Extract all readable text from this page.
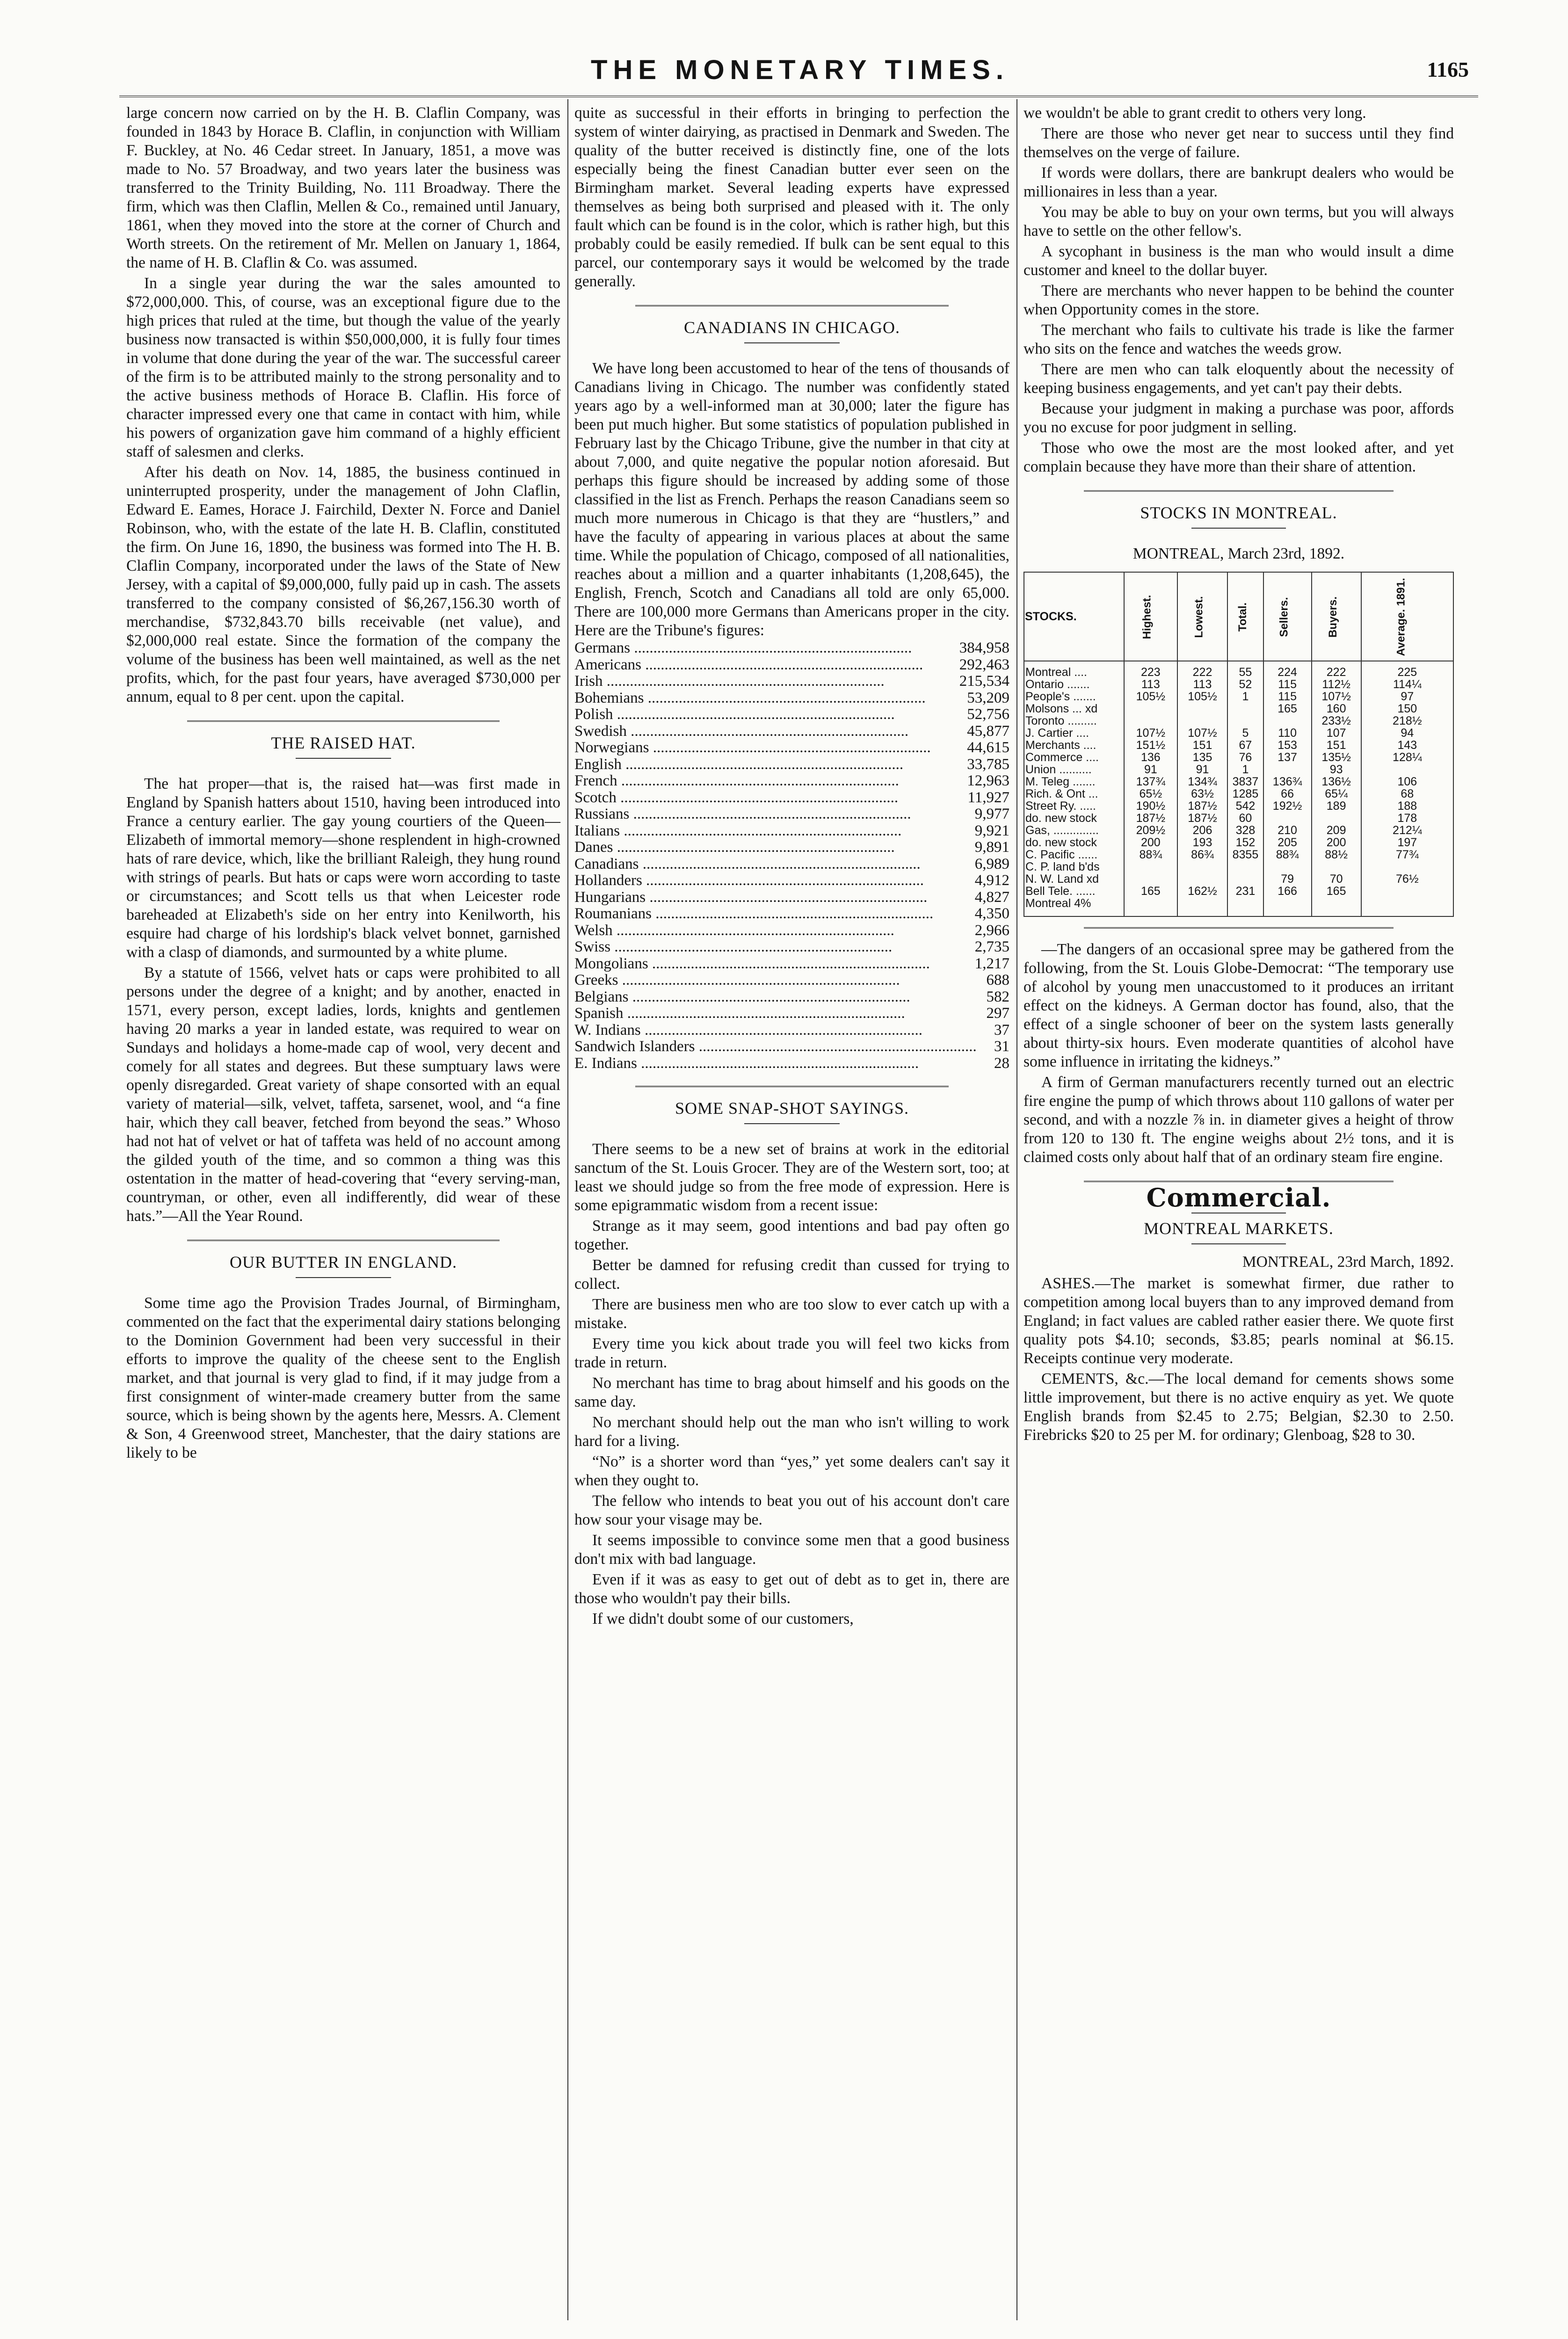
THE MONETARY TIMES.	1165

large concern now carried on by the H. B. Claflin Company, was founded in 1843 by Horace B. Claflin, in conjunction with William F. Buckley, at No. 46 Cedar street. In January, 1851, a move was made to No. 57 Broadway, and two years later the business was transferred to the Trinity Building, No. 111 Broadway. There the firm, which was then Claflin, Mellen & Co., remained until January, 1861, when they moved into the store at the corner of Church and Worth streets. On the retirement of Mr. Mellen on January 1, 1864, the name of H. B. Claflin & Co. was assumed.

In a single year during the war the sales amounted to $72,000,000. This, of course, was an exceptional figure due to the high prices that ruled at the time, but though the value of the yearly business now transacted is within $50,000,000, it is fully four times in volume that done during the year of the war. The successful career of the firm is to be attributed mainly to the strong personality and to the active business methods of Horace B. Claflin. His force of character impressed every one that came in contact with him, while his powers of organization gave him command of a highly efficient staff of salesmen and clerks.

After his death on Nov. 14, 1885, the business continued in uninterrupted prosperity, under the management of John Claflin, Edward E. Eames, Horace J. Fairchild, Dexter N. Force and Daniel Robinson, who, with the estate of the late H. B. Claflin, constituted the firm. On June 16, 1890, the business was formed into The H. B. Claflin Company, incorporated under the laws of the State of New Jersey, with a capital of $9,000,000, fully paid up in cash. The assets transferred to the company consisted of $6,267,156.30 worth of merchandise, $732,843.70 bills receivable (net value), and $2,000,000 real estate. Since the formation of the company the volume of the business has been well maintained, as well as the net profits, which, for the past four years, have averaged $730,000 per annum, equal to 8 per cent. upon the capital.

THE RAISED HAT.

The hat proper—that is, the raised hat—was first made in England by Spanish hatters about 1510, having been introduced into France a century earlier. The gay young courtiers of the Queen—Elizabeth of immortal memory—shone resplendent in high-crowned hats of rare device, which, like the brilliant Raleigh, they hung round with strings of pearls. But hats or caps were worn according to taste or circumstances; and Scott tells us that when Leicester rode bareheaded at Elizabeth's side on her entry into Kenilworth, his esquire had charge of his lordship's black velvet bonnet, garnished with a clasp of diamonds, and surmounted by a white plume.

By a statute of 1566, velvet hats or caps were prohibited to all persons under the degree of a knight; and by another, enacted in 1571, every person, except ladies, lords, knights and gentlemen having 20 marks a year in landed estate, was required to wear on Sundays and holidays a home-made cap of wool, very decent and comely for all states and degrees. But these sumptuary laws were openly disregarded. Great variety of shape consorted with an equal variety of material—silk, velvet, taffeta, sarsenet, wool, and “a fine hair, which they call beaver, fetched from beyond the seas.” Whoso had not hat of velvet or hat of taffeta was held of no account among the gilded youth of the time, and so common a thing was this ostentation in the matter of head-covering that “every serving-man, countryman, or other, even all indifferently, did wear of these hats.”—All the Year Round.

OUR BUTTER IN ENGLAND.

Some time ago the Provision Trades Journal, of Birmingham, commented on the fact that the experimental dairy stations belonging to the Dominion Government had been very successful in their efforts to improve the quality of the cheese sent to the English market, and that journal is very glad to find, if it may judge from a first consignment of winter-made creamery butter from the same source, which is being shown by the agents here, Messrs. A. Clement & Son, 4 Greenwood street, Manchester, that the dairy stations are likely to be

quite as successful in their efforts in bringing to perfection the system of winter dairying, as practised in Denmark and Sweden. The quality of the butter received is distinctly fine, one of the lots especially being the finest Canadian butter ever seen on the Birmingham market. Several leading experts have expressed themselves as being both surprised and pleased with it. The only fault which can be found is in the color, which is rather high, but this probably could be easily remedied. If bulk can be sent equal to this parcel, our contemporary says it would be welcomed by the trade generally.

CANADIANS IN CHICAGO.

We have long been accustomed to hear of the tens of thousands of Canadians living in Chicago. The number was confidently stated years ago by a well-informed man at 30,000; later the figure has been put much higher. But some statistics of population published in February last by the Chicago Tribune, give the number in that city at about 7,000, and quite negative the popular notion aforesaid. But perhaps this figure should be increased by adding some of those classified in the list as French. Perhaps the reason Canadians seem so much more numerous in Chicago is that they are “hustlers,” and have the faculty of appearing in various places at about the same time. While the population of Chicago, composed of all nationalities, reaches about a million and a quarter inhabitants (1,208,645), the English, French, Scotch and Canadians all told are only 65,000. There are 100,000 more Germans than Americans proper in the city. Here are the Tribune's figures:

Germans .....	384,958
Americans .....	292,463
Irish .....	215,534
Bohemians .....	53,209
Polish .....	52,756
Swedish .....	45,877
Norwegians .....	44,615
English .....	33,785
French .....	12,963
Scotch .....	11,927
Russians .....	9,977
Italians .....	9,921
Danes .....	9,891
Canadians .....	6,989
Hollanders .....	4,912
Hungarians .....	4,827
Roumanians .....	4,350
Welsh .....	2,966
Swiss .....	2,735
Mongolians .....	1,217
Greeks .....	688
Belgians .....	582
Spanish .....	297
W. Indians .....	37
Sandwich Islanders .....	31
E. Indians .....	28
SOME SNAP-SHOT SAYINGS.

There seems to be a new set of brains at work in the editorial sanctum of the St. Louis Grocer. They are of the Western sort, too; at least we should judge so from the free mode of expression. Here is some epigrammatic wisdom from a recent issue:

Strange as it may seem, good intentions and bad pay often go together.

Better be damned for refusing credit than cussed for trying to collect.

There are business men who are too slow to ever catch up with a mistake.

Every time you kick about trade you will feel two kicks from trade in return.

No merchant has time to brag about himself and his goods on the same day.

No merchant should help out the man who isn't willing to work hard for a living.

“No” is a shorter word than “yes,” yet some dealers can't say it when they ought to.

The fellow who intends to beat you out of his account don't care how sour your visage may be.

It seems impossible to convince some men that a good business don't mix with bad language.

Even if it was as easy to get out of debt as to get in, there are those who wouldn't pay their bills.

If we didn't doubt some of our customers,

we wouldn't be able to grant credit to others very long.

There are those who never get near to success until they find themselves on the verge of failure.

If words were dollars, there are bankrupt dealers who would be millionaires in less than a year.

You may be able to buy on your own terms, but you will always have to settle on the other fellow's.

A sycophant in business is the man who would insult a dime customer and kneel to the dollar buyer.

There are merchants who never happen to be behind the counter when Opportunity comes in the store.

The merchant who fails to cultivate his trade is like the farmer who sits on the fence and watches the weeds grow.

There are men who can talk eloquently about the necessity of keeping business engagements, and yet can't pay their debts.

Because your judgment in making a purchase was poor, affords you no excuse for poor judgment in selling.

Those who owe the most are the most looked after, and yet complain because they have more than their share of attention.

STOCKS IN MONTREAL.
MONTREAL, March 23rd, 1892.
STOCKS.	Highest.	Lowest.	Total.	Sellers.	Buyers.	Average. 1891.
Montreal ....	223	222	55	224	222	225
Ontario .......	113	113	52	115	112½	114¼
People's .......	105½	105½	1	115	107½	97
Molsons ... xd				165	160	150
Toronto .........					233½	218½
J. Cartier ....	107½	107½	5	110	107	94
Merchants ....	151½	151	67	153	151	143
Commerce ....	136	135	76	137	135½	128¼
Union ..........	91	91	1		93	
M. Teleg .......	137¾	134¾	3837	136¾	136½	106
Rich. & Ont ...	65½	63½	1285	66	65¼	68
Street Ry. .....	190½	187½	542	192½	189	188
do. new stock	187½	187½	60			178
Gas, ..............	209½	206	328	210	209	212¼
do. new stock	200	193	152	205	200	197
C. Pacific ......	88¾	86¾	8355	88¾	88½	77¾
C. P. land b'ds						
N. W. Land xd				79	70	76½
Bell Tele. ......	165	162½	231	166	165	
Montreal 4%						

—The dangers of an occasional spree may be gathered from the following, from the St. Louis Globe-Democrat: “The temporary use of alcohol by young men unaccustomed to it produces an irritant effect on the kidneys. A German doctor has found, also, that the effect of a single schooner of beer on the system lasts generally about thirty-six hours. Even moderate quantities of alcohol have some influence in irritating the kidneys.”

A firm of German manufacturers recently turned out an electric fire engine the pump of which throws about 110 gallons of water per second, and with a nozzle ⅞ in. in diameter gives a height of throw from 120 to 130 ft. The engine weighs about 2½ tons, and it is claimed costs only about half that of an ordinary steam fire engine.

Commercial.
MONTREAL MARKETS.
MONTREAL, 23rd March, 1892.

ASHES.—The market is somewhat firmer, due rather to competition among local buyers than to any improved demand from England; in fact values are cabled rather easier there. We quote first quality pots $4.10; seconds, $3.85; pearls nominal at $6.15. Receipts continue very moderate.

CEMENTS, &c.—The local demand for cements shows some little improvement, but there is no active enquiry as yet. We quote English brands from $2.45 to 2.75; Belgian, $2.30 to 2.50. Firebricks $20 to 25 per M. for ordinary; Glenboag, $28 to 30.
